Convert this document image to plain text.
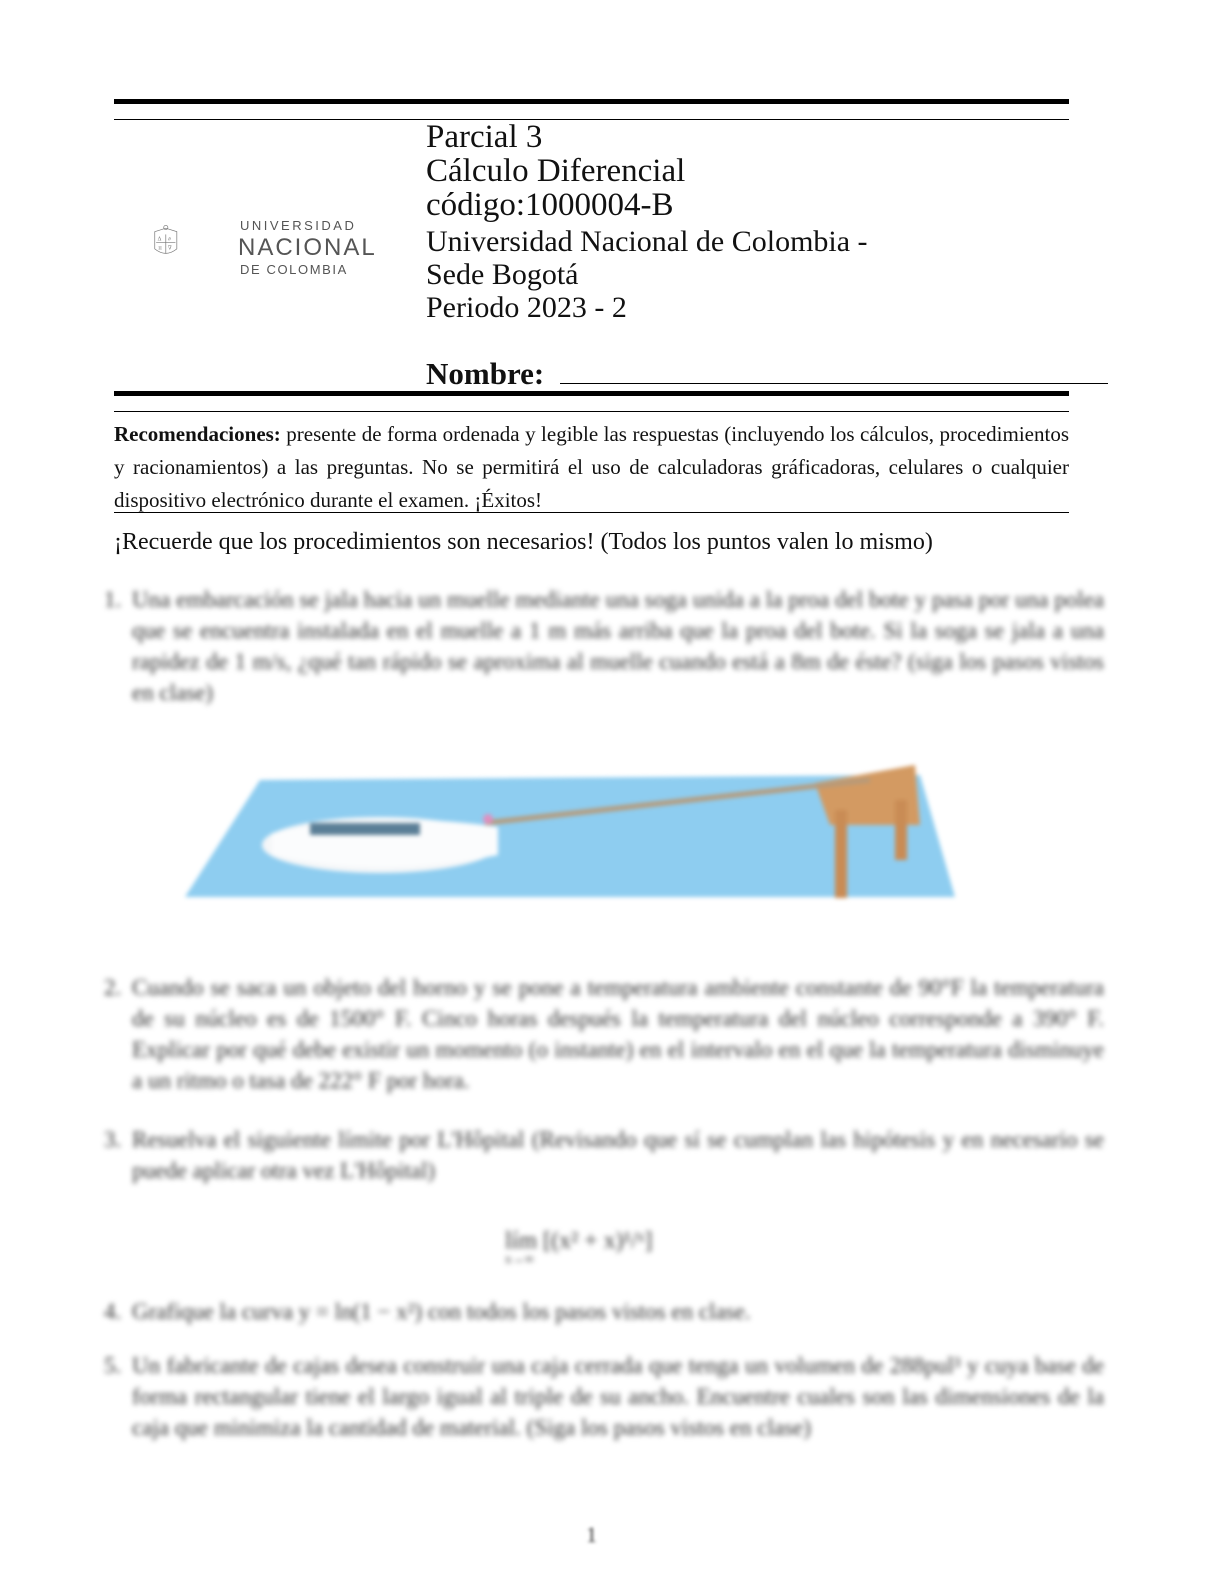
Δ ∂
π ∇
UNIVERSIDAD
NACIONAL
DE COLOMBIA
Parcial 3
Cálculo Diferencial
código:1000004-B
Universidad Nacional de Colombia -
Sede Bogotá
Periodo 2023 - 2
Nombre:
Recomendaciones: presente de forma ordenada y legible las respuestas (incluyendo los cálculos, procedimientos y racionamientos) a las preguntas. No se permitirá el uso de calculadoras gráficadoras, celulares o cualquier dispositivo electrónico durante el examen. ¡Éxitos!
¡Recuerde que los procedimientos son necesarios! (Todos los puntos valen lo mismo)
1. Una embarcación se jala hacia un muelle mediante una soga unida a la proa del bote y pasa por una polea que se encuentra instalada en el muelle a 1 m más arriba que la proa del bote. Si la soga se jala a una rapidez de 1 m/s, ¿qué tan rápido se aproxima al muelle cuando está a 8m de éste? (siga los pasos vistos en clase)
2. Cuando se saca un objeto del horno y se pone a temperatura ambiente constante de 90°F la temperatura de su núcleo es de 1500° F. Cinco horas después la temperatura del núcleo corresponde a 390° F. Explicar por qué debe existir un momento (o instante) en el intervalo en el que la temperatura disminuye a un ritmo o tasa de 222° F por hora.
3. Resuelva el siguiente límite por L'Hôpital (Revisando que sí se cumplan las hipótesis y en necesario se puede aplicar otra vez L'Hôpital)
lím [(x² + x)¹/ˣ]
x→∞
4. Grafique la curva y = ln(1 − x²) con todos los pasos vistos en clase.
5. Un fabricante de cajas desea construir una caja cerrada que tenga un volumen de 288pul³ y cuya base de forma rectangular tiene el largo igual al triple de su ancho. Encuentre cuales son las dimensiones de la caja que minimiza la cantidad de material. (Siga los pasos vistos en clase)
1
